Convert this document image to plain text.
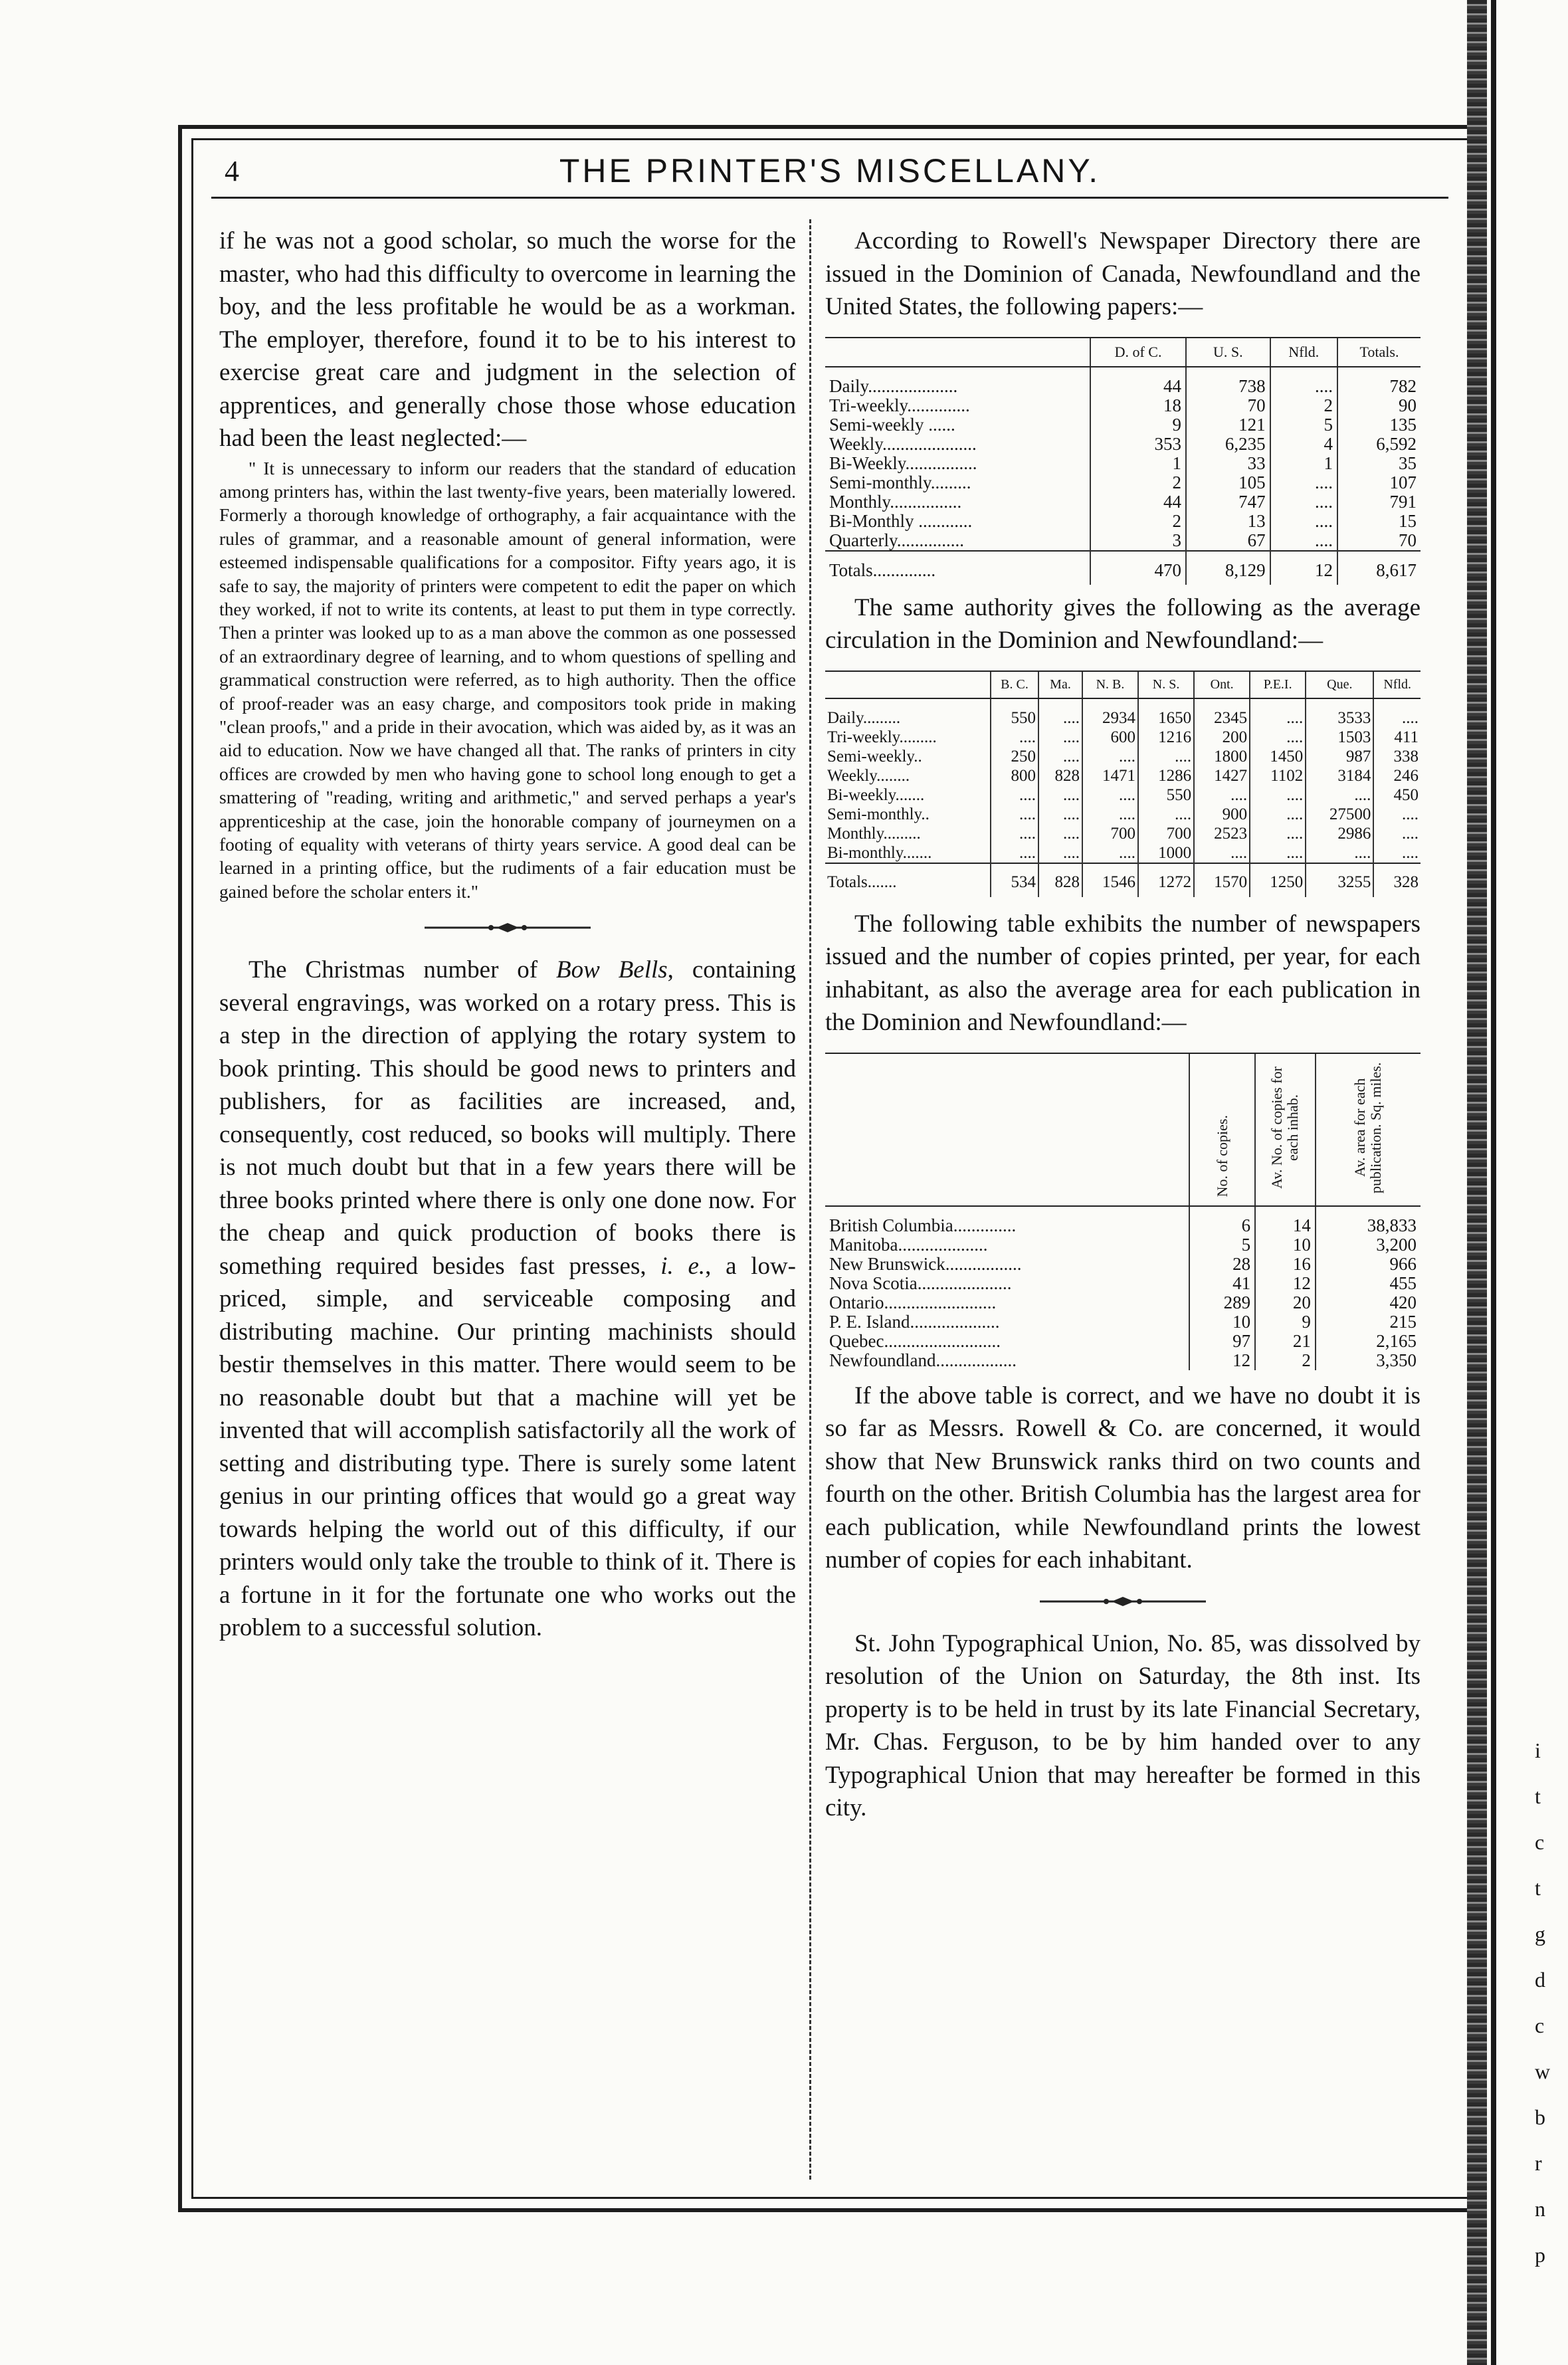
i
t
c
t
g
d
c
w
b
r
n
p
4	THE PRINTER'S MISCELLANY.

if he was not a good scholar, so much the worse for the master, who had this difficulty to overcome in learning the boy, and the less profitable he would be as a workman. The employer, therefore, found it to be to his interest to exercise great care and judgment in the selection of apprentices, and generally chose those whose education had been the least neglected:—

" It is unnecessary to inform our readers that the standard of education among printers has, within the last twenty-five years, been materially lowered. Formerly a thorough knowledge of orthography, a fair acquaintance with the rules of grammar, and a reasonable amount of general information, were esteemed indispensable qualifications for a compositor. Fifty years ago, it is safe to say, the majority of printers were competent to edit the paper on which they worked, if not to write its contents, at least to put them in type correctly. Then a printer was looked up to as a man above the common as one possessed of an extraordinary degree of learning, and to whom questions of spelling and grammatical construction were referred, as to high authority. Then the office of proof-reader was an easy charge, and compositors took pride in making "clean proofs," and a pride in their avocation, which was aided by, as it was an aid to education. Now we have changed all that. The ranks of printers in city offices are crowded by men who having gone to school long enough to get a smattering of "reading, writing and arithmetic," and served perhaps a year's apprenticeship at the case, join the honorable company of journeymen on a footing of equality with veterans of thirty years service. A good deal can be learned in a printing office, but the rudiments of a fair education must be gained before the scholar enters it."

The Christmas number of Bow Bells, containing several engravings, was worked on a rotary press. This is a step in the direction of applying the rotary system to book printing. This should be good news to printers and publishers, for as facilities are increased, and, consequently, cost reduced, so books will multiply. There is not much doubt but that in a few years there will be three books printed where there is only one done now. For the cheap and quick production of books there is something required besides fast presses, i. e., a low-priced, simple, and serviceable composing and distributing machine. Our printing machinists should bestir themselves in this matter. There would seem to be no reasonable doubt but that a machine will yet be invented that will accomplish satisfactorily all the work of setting and distributing type. There is surely some latent genius in our printing offices that would go a great way towards helping the world out of this difficulty, if our printers would only take the trouble to think of it. There is a fortune in it for the fortunate one who works out the problem to a successful solution.

According to Rowell's Newspaper Directory there are issued in the Dominion of Canada, Newfoundland and the United States, the following papers:—

	D. of C.	U. S.	Nfld.	Totals.
Daily....................	44	738	....	782
Tri-weekly..............	18	70	2	90
Semi-weekly ......	9	121	5	135
Weekly.....................	353	6,235	4	6,592
Bi-Weekly................	1	33	1	35
Semi-monthly.........	2	105	....	107
Monthly................	44	747	....	791
Bi-Monthly ............	2	13	....	15
Quarterly...............	3	67	....	70
Totals..............	470	8,129	12	8,617

The same authority gives the following as the average circulation in the Dominion and Newfoundland:—

	B. C.	Ma.	N. B.	N. S.	Ont.	P.E.I.	Que.	Nfld.
Daily.........	550	....	2934	1650	2345	....	3533	....
Tri-weekly.........	....	....	600	1216	200	....	1503	411
Semi-weekly..	250	....	....	....	1800	1450	987	338
Weekly........	800	828	1471	1286	1427	1102	3184	246
Bi-weekly.......	....	....	....	550	....	....	....	450
Semi-monthly..	....	....	....	....	900	....	27500	....
Monthly.........	....	....	700	700	2523	....	2986	....
Bi-monthly.......	....	....	....	1000	....	....	....	....
Totals.......	534	828	1546	1272	1570	1250	3255	328

The following table exhibits the number of newspapers issued and the number of copies printed, per year, for each inhabitant, as also the average area for each publication in the Dominion and Newfoundland:—

	No. of copies.	Av. No. of copies for each inhab.	Av. area for each publication. Sq. miles.
British Columbia..............	6	14	38,833
Manitoba....................	5	10	3,200
New Brunswick.................	28	16	966
Nova Scotia.....................	41	12	455
Ontario.........................	289	20	420
P. E. Island....................	10	9	215
Quebec..........................	97	21	2,165
Newfoundland..................	12	2	3,350

If the above table is correct, and we have no doubt it is so far as Messrs. Rowell & Co. are concerned, it would show that New Brunswick ranks third on two counts and fourth on the other. British Columbia has the largest area for each publication, while Newfoundland prints the lowest number of copies for each inhabitant.

St. John Typographical Union, No. 85, was dissolved by resolution of the Union on Saturday, the 8th inst. Its property is to be held in trust by its late Financial Secretary, Mr. Chas. Ferguson, to be by him handed over to any Typographical Union that may hereafter be formed in this city.
